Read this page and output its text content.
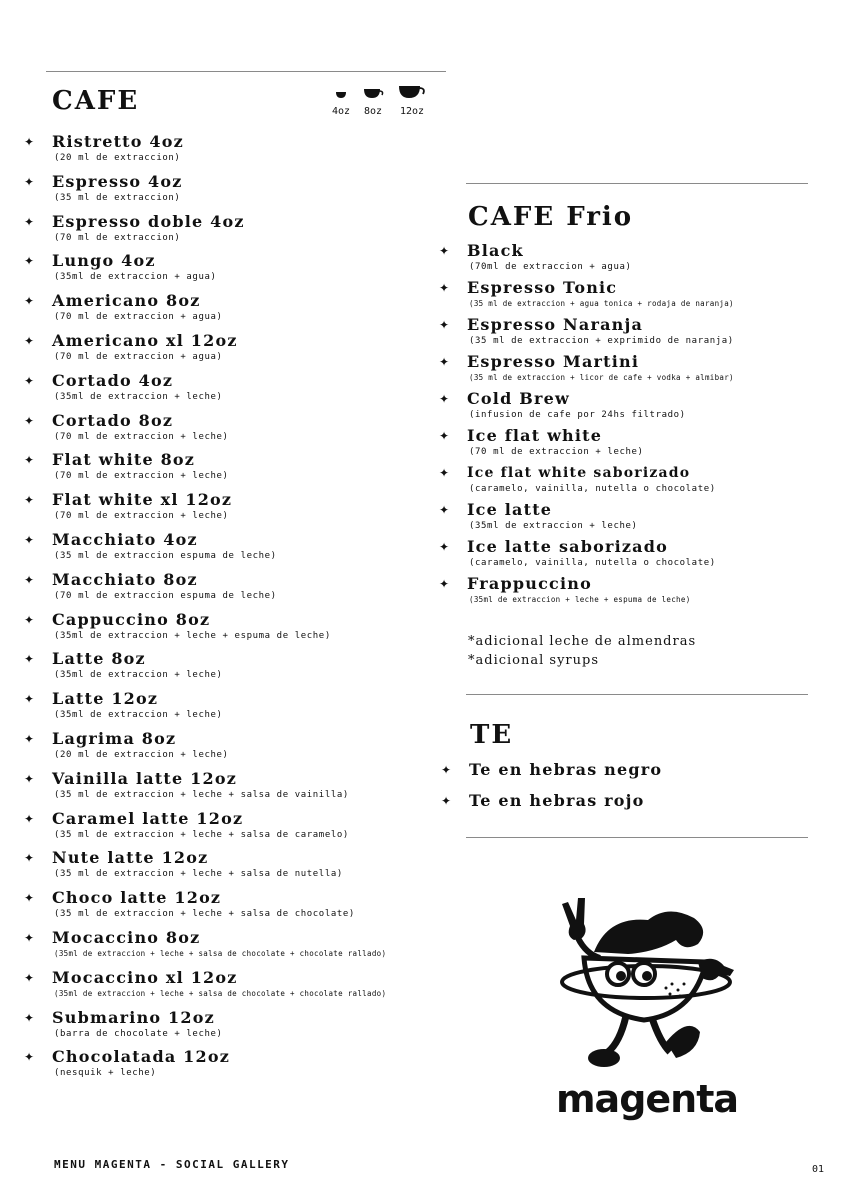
CAFE	4oz	8oz	12oz
✦ Ristretto 4oz
(20 ml de extraccion)
✦ Espresso 4oz
(35 ml de extraccion)
✦ Espresso doble 4oz
(70 ml de extraccion)
✦ Lungo 4oz
(35ml de extraccion + agua)
✦ Americano 8oz
(70 ml de extraccion + agua)
✦ Americano xl 12oz
(70 ml de extraccion + agua)
✦ Cortado 4oz
(35ml de extraccion + leche)
✦ Cortado 8oz
(70 ml de extraccion + leche)
✦ Flat white 8oz
(70 ml de extraccion + leche)
✦ Flat white xl 12oz
(70 ml de extraccion + leche)
✦ Macchiato 4oz
(35 ml de extraccion espuma de leche)
✦ Macchiato 8oz
(70 ml de extraccion espuma de leche)
✦ Cappuccino 8oz
(35ml de extraccion + leche + espuma de leche)
✦ Latte 8oz
(35ml de extraccion + leche)
✦ Latte 12oz
(35ml de extraccion + leche)
✦ Lagrima 8oz
(20 ml de extraccion + leche)
✦ Vainilla latte 12oz
(35 ml de extraccion + leche + salsa de vainilla)
✦ Caramel latte 12oz
(35 ml de extraccion + leche + salsa de caramelo)
✦ Nute latte 12oz
(35 ml de extraccion + leche + salsa de nutella)
✦ Choco latte 12oz
(35 ml de extraccion + leche + salsa de chocolate)
✦ Mocaccino 8oz
(35ml de extraccion + leche + salsa de chocolate + chocolate rallado)
✦ Mocaccino xl 12oz
(35ml de extraccion + leche + salsa de chocolate + chocolate rallado)
✦ Submarino 12oz
(barra de chocolate + leche)
✦ Chocolatada 12oz
(nesquik + leche)
CAFE Frio
✦ Black
(70ml de extraccion + agua)
✦ Espresso Tonic
(35 ml de extraccion + agua tonica + rodaja de naranja)
✦ Espresso Naranja
(35 ml de extraccion + exprimido de naranja)
✦ Espresso Martini
(35 ml de extraccion + licor de cafe + vodka + almibar)
✦ Cold Brew
(infusion de cafe por 24hs filtrado)
✦ Ice flat white
(70 ml de extraccion + leche)
✦ Ice flat white saborizado
(caramelo, vainilla, nutella o chocolate)
✦ Ice latte
(35ml de extraccion + leche)
✦ Ice latte saborizado
(caramelo, vainilla, nutella o chocolate)
✦ Frappuccino
(35ml de extraccion + leche + espuma de leche)
*adicional leche de almendras
*adicional syrups
TE
✦ Te en hebras negro
✦ Te en hebras rojo
magenta
MENU MAGENTA - SOCIAL GALLERY	01
